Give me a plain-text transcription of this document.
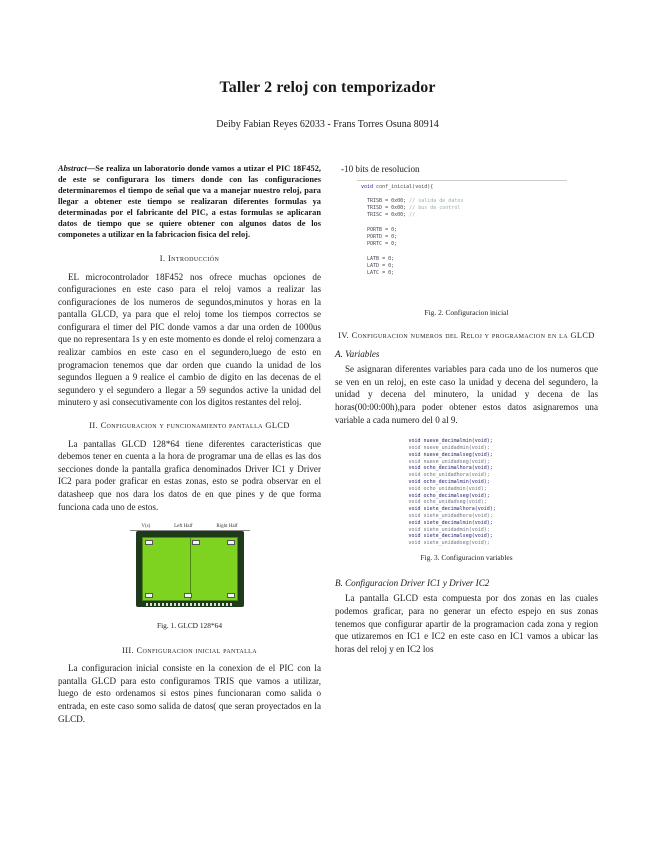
Taller 2 reloj con temporizador
Deiby Fabian Reyes 62033 - Frans Torres Osuna 80914

Abstract—Se realiza un laboratorio donde vamos a utizar el PIC 18F452, de este se configurara los timers donde con las configuraciones determinaremos el tiempo de señal que va a manejar nuestro reloj, para llegar a obtener este tiempo se realizaran diferentes formulas ya determinadas por el fabricante del PIC, a estas formulas se aplicaran datos de tiempo que se quiere obtener con algunos datos de los componetes a utilizar en la fabricacion fisica del reloj.

I. Introducción

EL microcontrolador 18F452 nos ofrece muchas opciones de configuraciones en este caso para el reloj vamos a realizar las configuraciones de los numeros de segundos,minutos y horas en la pantalla GLCD, ya para que el reloj tome los tiempos correctos se configurara el timer del PIC donde vamos a dar una orden de 1000us que no representara 1s y en este momento es donde el reloj comenzara a realizar cambios en este caso en el segundero,luego de esto en programacion tenemos que dar orden que cuando la unidad de los segundos lleguen a 9 realice el cambio de digito en las decenas de el segundero y el segundero a llegar a 59 segundos active la unidad del minutero y asi consecutivamente con los digitos restantes del reloj.

II. Configuracion y funcionamiento pantalla GLCD

La pantallas GLCD 128*64 tiene diferentes caracteristicas que debemos tener en cuenta a la hora de programar una de ellas es las dos secciones donde la pantalla grafica denominados Driver IC1 y Driver IC2 para poder graficar en estas zonas, esto se podra observar en el datasheep que nos dara los datos de en que pines y de que forma funciona cada uno de estos.

V(s)	Left Half	Right Half
Fig. 1. GLCD 128*64
III. Configuracion inicial pantalla

La configuracion inicial consiste en la conexion de el PIC con la pantalla GLCD para esto configuramos TRIS que vamos a utilizar, luego de esto ordenamos si estos pines funcionaran como salida o entrada, en este caso somo salida de datos( que seran proyectados en la GLCD.

-10 bits de resolucion
void conf_inicial(void){

TRISB = 0x00; // salida de datos
TRISD = 0x00; // bus de control
TRISC = 0x00; //

PORTB = 0;
PORTD = 0;
PORTC = 0;

LATB = 0;
LATD = 0;
LATC = 0;
Fig. 2. Configuracion inicial
IV. Configuracion numeros del Reloj y programacion en la GLCD
A. Variables

Se asignaran diferentes variables para cada uno de los numeros que se ven en un reloj, en este caso la unidad y decena del segundero, la unidad y decena del minutero, la unidad y decena de las horas(00:00:00h),para poder obtener estos datos asignaremos una variable a cada numero del 0 al 9.

void nueve_decimalmin(void);
void nueve_unidadmin(void);
void nueve_decimalseg(void);
void nueve_unidadseg(void);
void ocho_decimalhora(void);
void ocho_unidadhora(void);
void ocho_decimalmin(void);
void ocho_unidadmin(void);
void ocho_decimalseg(void);
void ocho_unidadseg(void);
void siete_decimalhora(void);
void siete_unidadhora(void);
void siete_decimalmin(void);
void siete_unidadmin(void);
void siete_decimalseg(void);
void siete_unidadseg(void);
Fig. 3. Configuracion variables
B. Configuracion Driver IC1 y Driver IC2

La pantalla GLCD esta compuesta por dos zonas en las cuales podemos graficar, para no generar un efecto espejo en sus zonas tenemos que configurar apartir de la programacion cada zona y region que utizaremos en IC1 e IC2 en este caso en IC1 vamos a ubicar las horas del reloj y en IC2 los
